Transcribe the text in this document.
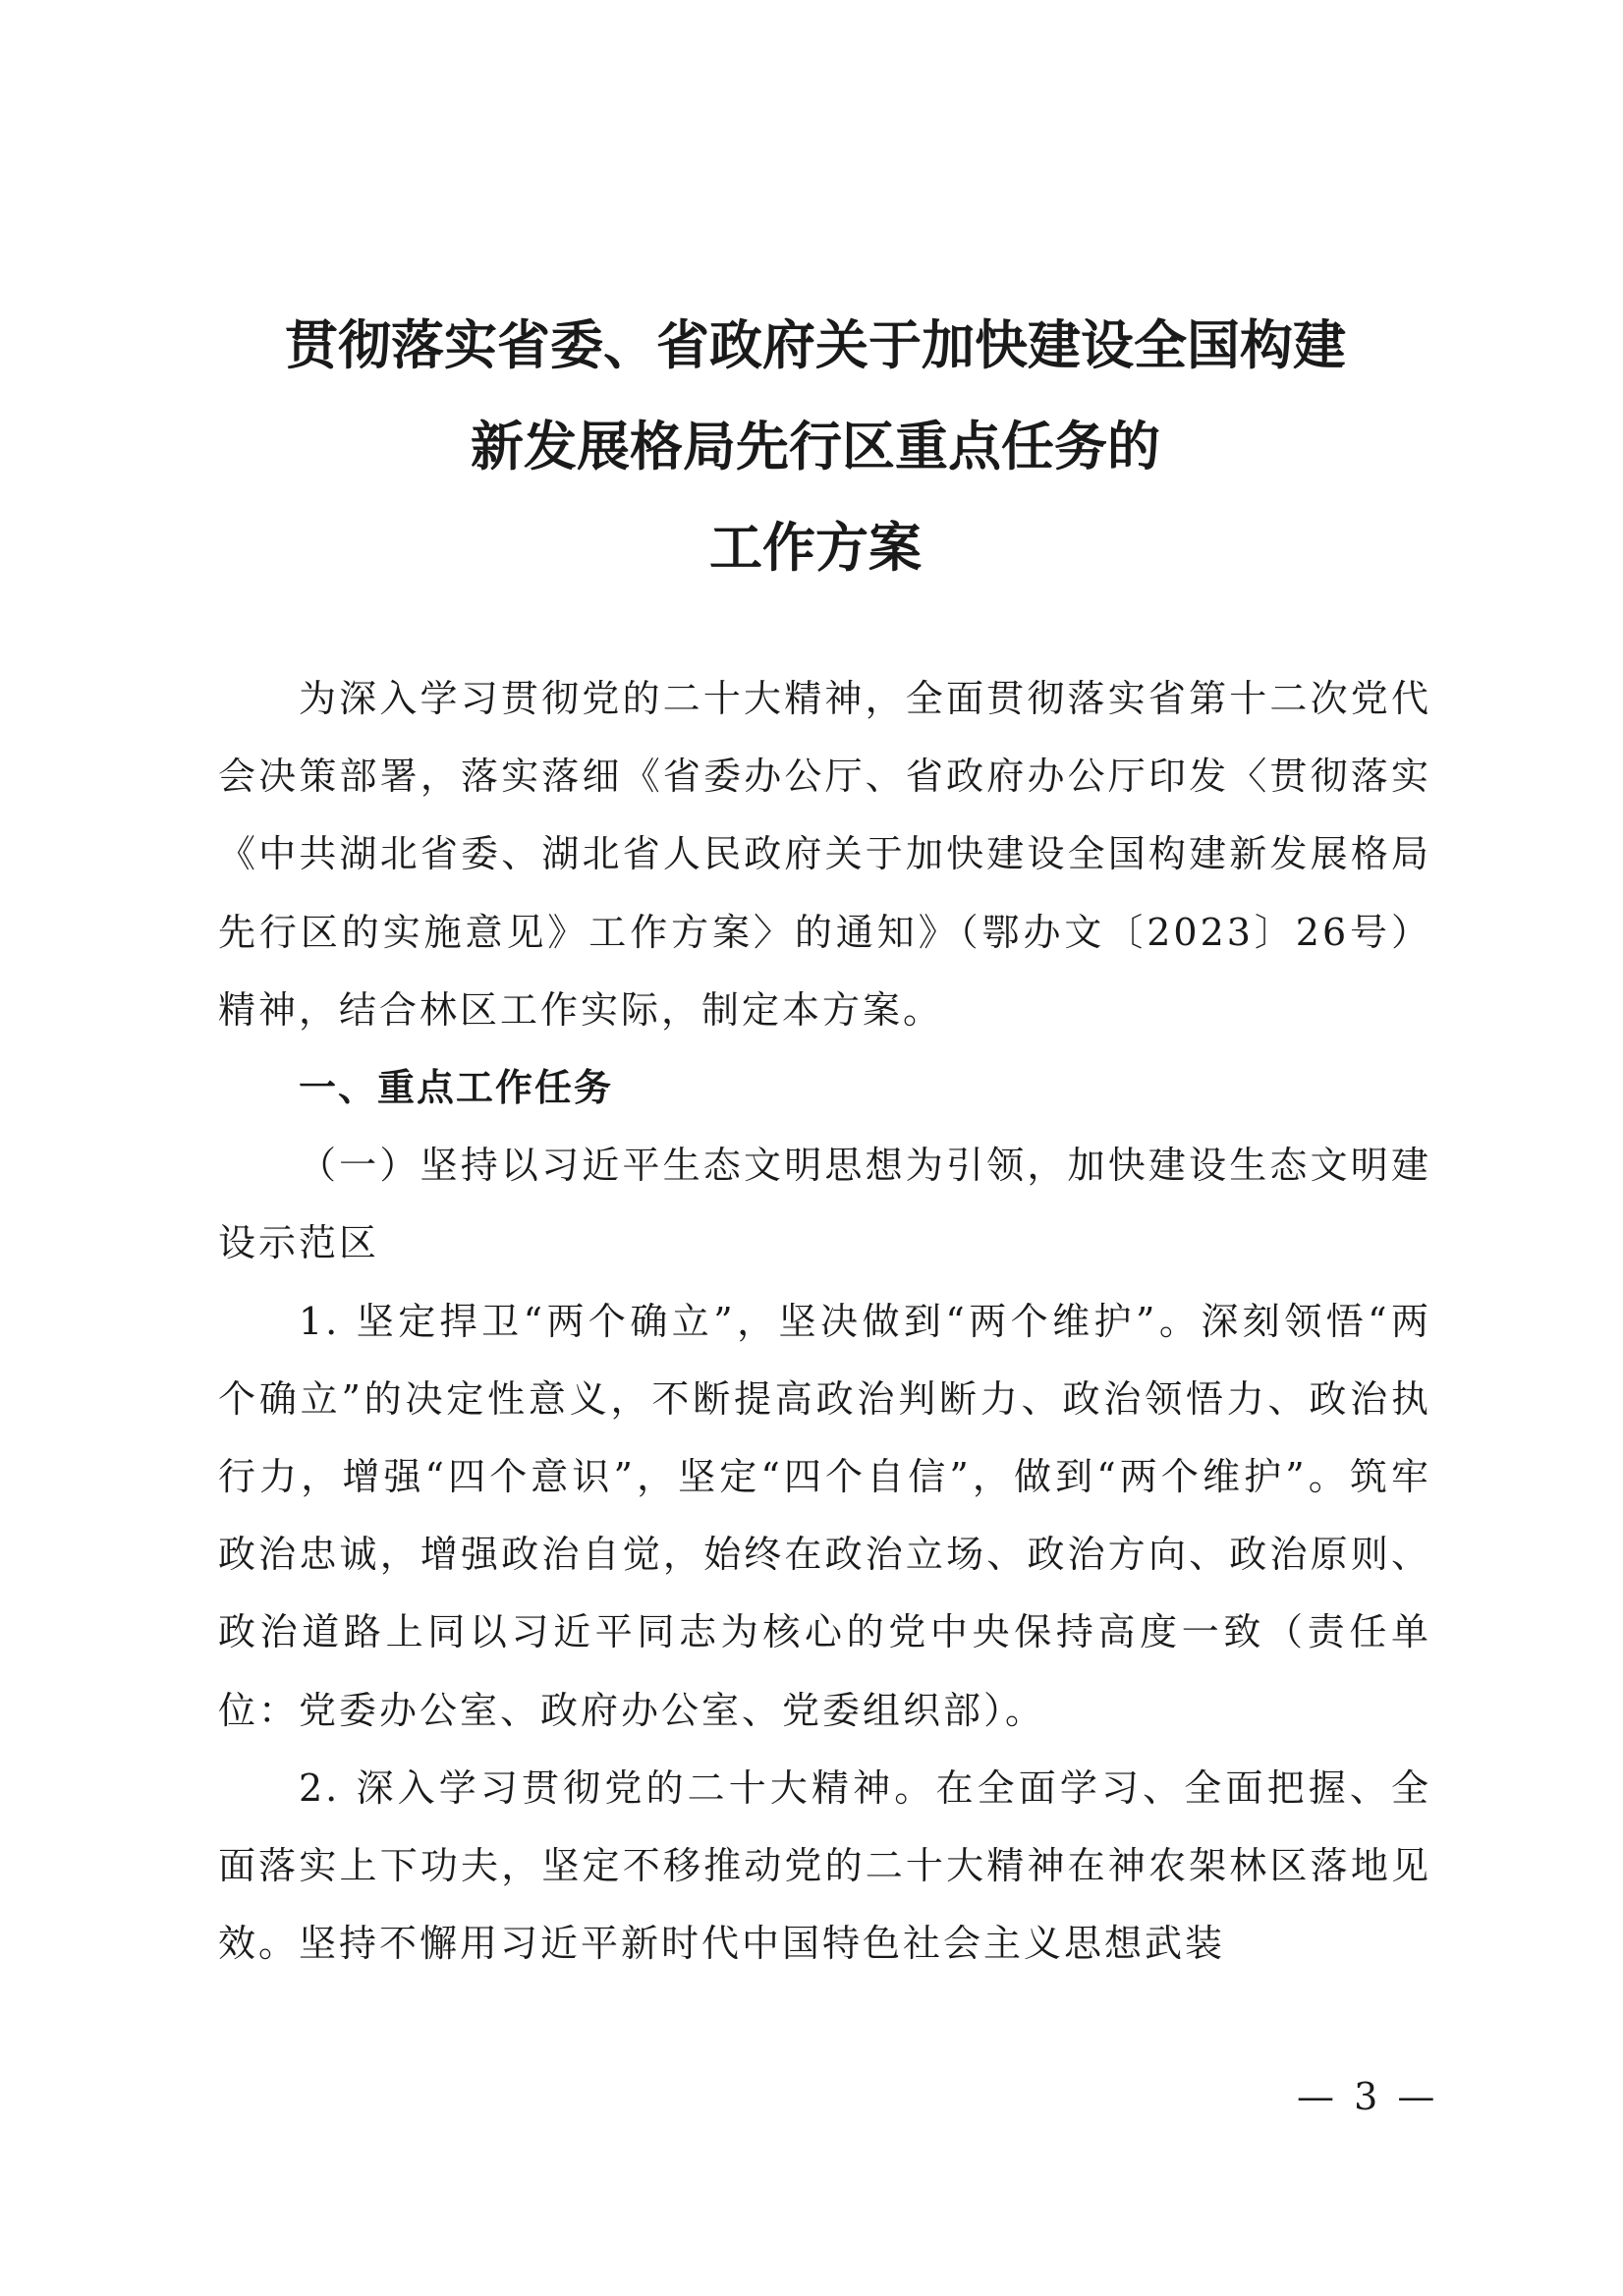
贯彻落实省委、省政府关于加快建设全国构建
新发展格局先行区重点任务的
工作方案

为深入学习贯彻党的二十大精神，全面贯彻落实省第十二次党代会决策部署，落实落细《省委办公厅、省政府办公厅印发〈贯彻落实《中共湖北省委、湖北省人民政府关于加快建设全国构建新发展格局先行区的实施意见》工作方案〉的通知》（鄂办文〔2023〕26号）精神，结合林区工作实际，制定本方案。

一、重点工作任务

（一）坚持以习近平生态文明思想为引领，加快建设生态文明建设示范区

1. 坚定捍卫“两个确立”，坚决做到“两个维护”。深刻领悟“两个确立”的决定性意义，不断提高政治判断力、政治领悟力、政治执行力，增强“四个意识”，坚定“四个自信”，做到“两个维护”。筑牢政治忠诚，增强政治自觉，始终在政治立场、政治方向、政治原则、政治道路上同以习近平同志为核心的党中央保持高度一致（责任单位：党委办公室、政府办公室、党委组织部）。

2. 深入学习贯彻党的二十大精神。在全面学习、全面把握、全面落实上下功夫，坚定不移推动党的二十大精神在神农架林区落地见效。坚持不懈用习近平新时代中国特色社会主义思想武装

— 3 —
